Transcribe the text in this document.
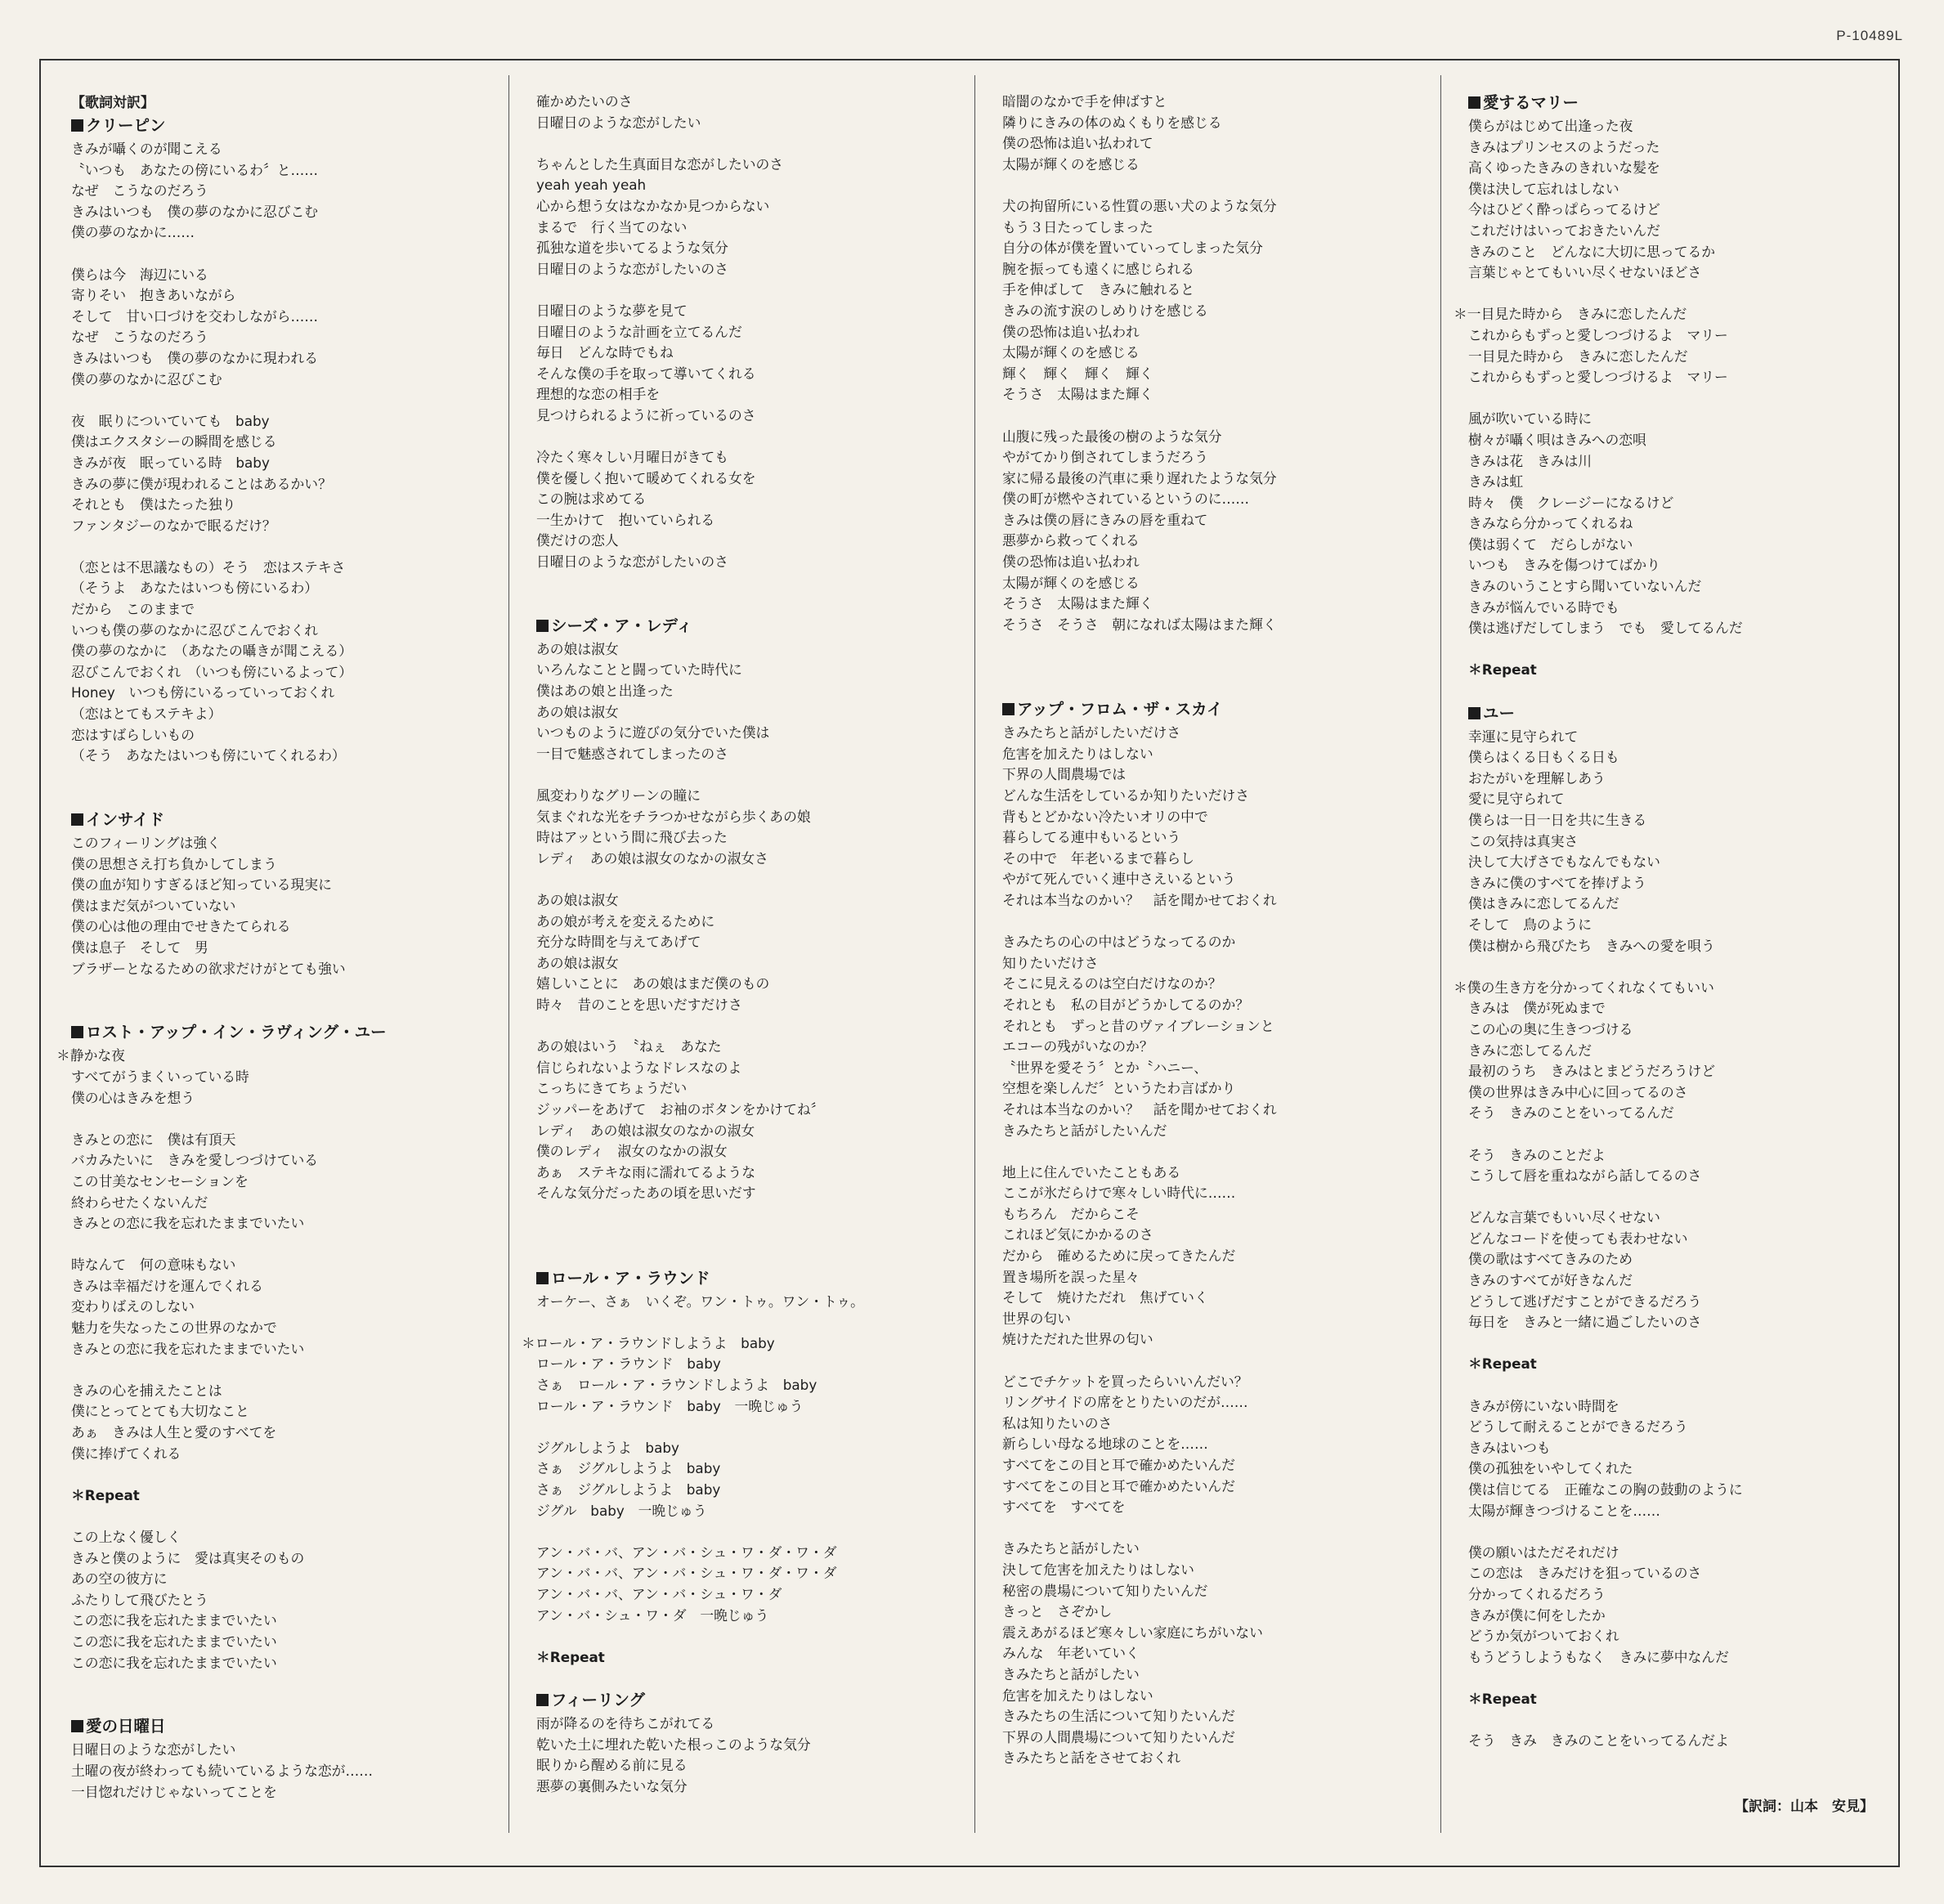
P-10489L
【歌詞対訳】
クリーピン
きみが囁くのが聞こえる
〝いつも　あなたの傍にいるわ〞と……
なぜ　こうなのだろう
きみはいつも　僕の夢のなかに忍びこむ
僕の夢のなかに……
僕らは今　海辺にいる
寄りそい　抱きあいながら
そして　甘い口づけを交わしながら……
なぜ　こうなのだろう
きみはいつも　僕の夢のなかに現われる
僕の夢のなかに忍びこむ
夜　眠りについていても　baby
僕はエクスタシーの瞬間を感じる
きみが夜　眠っている時　baby
きみの夢に僕が現われることはあるかい？
それとも　僕はたった独り
ファンタジーのなかで眠るだけ？
（恋とは不思議なもの）そう　恋はステキさ
（そうよ　あなたはいつも傍にいるわ）
だから　このままで
いつも僕の夢のなかに忍びこんでおくれ
僕の夢のなかに　（あなたの囁きが聞こえる）
忍びこんでおくれ　（いつも傍にいるよって）
Honey　いつも傍にいるっていっておくれ
（恋はとてもステキよ）
恋はすばらしいもの
（そう　あなたはいつも傍にいてくれるわ）
インサイド
このフィーリングは強く
僕の思想さえ打ち負かしてしまう
僕の血が知りすぎるほど知っている現実に
僕はまだ気がついていない
僕の心は他の理由でせきたてられる
僕は息子　そして　男
ブラザーとなるための欲求だけがとても強い
ロスト・アップ・イン・ラヴィング・ユー
＊静かな夜
すべてがうまくいっている時
僕の心はきみを想う
きみとの恋に　僕は有頂天
バカみたいに　きみを愛しつづけている
この甘美なセンセーションを
終わらせたくないんだ
きみとの恋に我を忘れたままでいたい
時なんて　何の意味もない
きみは幸福だけを運んでくれる
変わりばえのしない
魅力を失なったこの世界のなかで
きみとの恋に我を忘れたままでいたい
きみの心を捕えたことは
僕にとってとても大切なこと
あぁ　きみは人生と愛のすべてを
僕に捧げてくれる
＊Repeat
この上なく優しく
きみと僕のように　愛は真実そのもの
あの空の彼方に
ふたりして飛びたとう
この恋に我を忘れたままでいたい
この恋に我を忘れたままでいたい
この恋に我を忘れたままでいたい
愛の日曜日
日曜日のような恋がしたい
土曜の夜が終わっても続いているような恋が……
一目惚れだけじゃないってことを
確かめたいのさ
日曜日のような恋がしたい
ちゃんとした生真面目な恋がしたいのさ
yeah yeah yeah
心から想う女はなかなか見つからない
まるで　行く当てのない
孤独な道を歩いてるような気分
日曜日のような恋がしたいのさ
日曜日のような夢を見て
日曜日のような計画を立てるんだ
毎日　どんな時でもね
そんな僕の手を取って導いてくれる
理想的な恋の相手を
見つけられるように祈っているのさ
冷たく寒々しい月曜日がきても
僕を優しく抱いて暖めてくれる女を
この腕は求めてる
一生かけて　抱いていられる
僕だけの恋人
日曜日のような恋がしたいのさ
シーズ・ア・レディ
あの娘は淑女
いろんなことと闘っていた時代に
僕はあの娘と出逢った
あの娘は淑女
いつものように遊びの気分でいた僕は
一目で魅惑されてしまったのさ
風変わりなグリーンの瞳に
気まぐれな光をチラつかせながら歩くあの娘
時はアッという間に飛び去った
レディ　あの娘は淑女のなかの淑女さ
あの娘は淑女
あの娘が考えを変えるために
充分な時間を与えてあげて
あの娘は淑女
嬉しいことに　あの娘はまだ僕のもの
時々　昔のことを思いだすだけさ
あの娘はいう　〝ねぇ　あなた
信じられないようなドレスなのよ
こっちにきてちょうだい
ジッパーをあげて　お袖のボタンをかけてね〞
レディ　あの娘は淑女のなかの淑女
僕のレディ　淑女のなかの淑女
あぁ　ステキな雨に濡れてるような
そんな気分だったあの頃を思いだす
ロール・ア・ラウンド
オーケー、さぁ　いくぞ。ワン・トゥ。ワン・トゥ。
＊ロール・ア・ラウンドしようよ　baby
ロール・ア・ラウンド　baby
さぁ　ロール・ア・ラウンドしようよ　baby
ロール・ア・ラウンド　baby　一晩じゅう
ジグルしようよ　baby
さぁ　ジグルしようよ　baby
さぁ　ジグルしようよ　baby
ジグル　baby　一晩じゅう
アン・バ・バ、アン・バ・シュ・ワ・ダ・ワ・ダ
アン・バ・バ、アン・バ・シュ・ワ・ダ・ワ・ダ
アン・バ・バ、アン・バ・シュ・ワ・ダ
アン・バ・シュ・ワ・ダ　一晩じゅう
＊Repeat
フィーリング
雨が降るのを待ちこがれてる
乾いた土に埋れた乾いた根っこのような気分
眠りから醒める前に見る
悪夢の裏側みたいな気分
暗闇のなかで手を伸ばすと
隣りにきみの体のぬくもりを感じる
僕の恐怖は追い払われて
太陽が輝くのを感じる
犬の拘留所にいる性質の悪い犬のような気分
もう３日たってしまった
自分の体が僕を置いていってしまった気分
腕を振っても遠くに感じられる
手を伸ばして　きみに触れると
きみの流す涙のしめりけを感じる
僕の恐怖は追い払われ
太陽が輝くのを感じる
輝く　輝く　輝く　輝く
そうさ　太陽はまた輝く
山腹に残った最後の樹のような気分
やがてかり倒されてしまうだろう
家に帰る最後の汽車に乗り遅れたような気分
僕の町が燃やされているというのに……
きみは僕の唇にきみの唇を重ねて
悪夢から救ってくれる
僕の恐怖は追い払われ
太陽が輝くのを感じる
そうさ　太陽はまた輝く
そうさ　そうさ　朝になれば太陽はまた輝く
アップ・フロム・ザ・スカイ
きみたちと話がしたいだけさ
危害を加えたりはしない
下界の人間農場では
どんな生活をしているか知りたいだけさ
背もとどかない冷たいオリの中で
暮らしてる連中もいるという
その中で　年老いるまで暮らし
やがて死んでいく連中さえいるという
それは本当なのかい？　話を聞かせておくれ
きみたちの心の中はどうなってるのか
知りたいだけさ
そこに見えるのは空白だけなのか？
それとも　私の目がどうかしてるのか？
それとも　ずっと昔のヴァイブレーションと
エコーの残がいなのか？
〝世界を愛そう〞とか〝ハニー、
空想を楽しんだ〞というたわ言ばかり
それは本当なのかい？　話を聞かせておくれ
きみたちと話がしたいんだ
地上に住んでいたこともある
ここが氷だらけで寒々しい時代に……
もちろん　だからこそ
これほど気にかかるのさ
だから　確めるために戻ってきたんだ
置き場所を誤った星々
そして　焼けただれ　焦げていく
世界の匂い
焼けただれた世界の匂い
どこでチケットを買ったらいいんだい？
リングサイドの席をとりたいのだが……
私は知りたいのさ
新らしい母なる地球のことを……
すべてをこの目と耳で確かめたいんだ
すべてをこの目と耳で確かめたいんだ
すべてを　すべてを
きみたちと話がしたい
決して危害を加えたりはしない
秘密の農場について知りたいんだ
きっと　さぞかし
震えあがるほど寒々しい家庭にちがいない
みんな　年老いていく
きみたちと話がしたい
危害を加えたりはしない
きみたちの生活について知りたいんだ
下界の人間農場について知りたいんだ
きみたちと話をさせておくれ
愛するマリー
僕らがはじめて出逢った夜
きみはプリンセスのようだった
高くゆったきみのきれいな髪を
僕は決して忘れはしない
今はひどく酔っぱらってるけど
これだけはいっておきたいんだ
きみのこと　どんなに大切に思ってるか
言葉じゃとてもいい尽くせないほどさ
＊一目見た時から　きみに恋したんだ
これからもずっと愛しつづけるよ　マリー
一目見た時から　きみに恋したんだ
これからもずっと愛しつづけるよ　マリー
風が吹いている時に
樹々が囁く唄はきみへの恋唄
きみは花　きみは川
きみは虹
時々　僕　クレージーになるけど
きみなら分かってくれるね
僕は弱くて　だらしがない
いつも　きみを傷つけてばかり
きみのいうことすら聞いていないんだ
きみが悩んでいる時でも
僕は逃げだしてしまう　でも　愛してるんだ
＊Repeat
ユー
幸運に見守られて
僕らはくる日もくる日も
おたがいを理解しあう
愛に見守られて
僕らは一日一日を共に生きる
この気持は真実さ
決して大げさでもなんでもない
きみに僕のすべてを捧げよう
僕はきみに恋してるんだ
そして　鳥のように
僕は樹から飛びたち　きみへの愛を唄う
＊僕の生き方を分かってくれなくてもいい
きみは　僕が死ぬまで
この心の奥に生きつづける
きみに恋してるんだ
最初のうち　きみはとまどうだろうけど
僕の世界はきみ中心に回ってるのさ
そう　きみのことをいってるんだ
そう　きみのことだよ
こうして唇を重ねながら話してるのさ
どんな言葉でもいい尽くせない
どんなコードを使っても表わせない
僕の歌はすべてきみのため
きみのすべてが好きなんだ
どうして逃げだすことができるだろう
毎日を　きみと一緒に過ごしたいのさ
＊Repeat
きみが傍にいない時間を
どうして耐えることができるだろう
きみはいつも
僕の孤独をいやしてくれた
僕は信じてる　正確なこの胸の鼓動のように
太陽が輝きつづけることを……
僕の願いはただそれだけ
この恋は　きみだけを狙っているのさ
分かってくれるだろう
きみが僕に何をしたか
どうか気がついておくれ
もうどうしようもなく　きみに夢中なんだ
＊Repeat
そう　きみ　きみのことをいってるんだよ
【訳詞：山本　安見】
